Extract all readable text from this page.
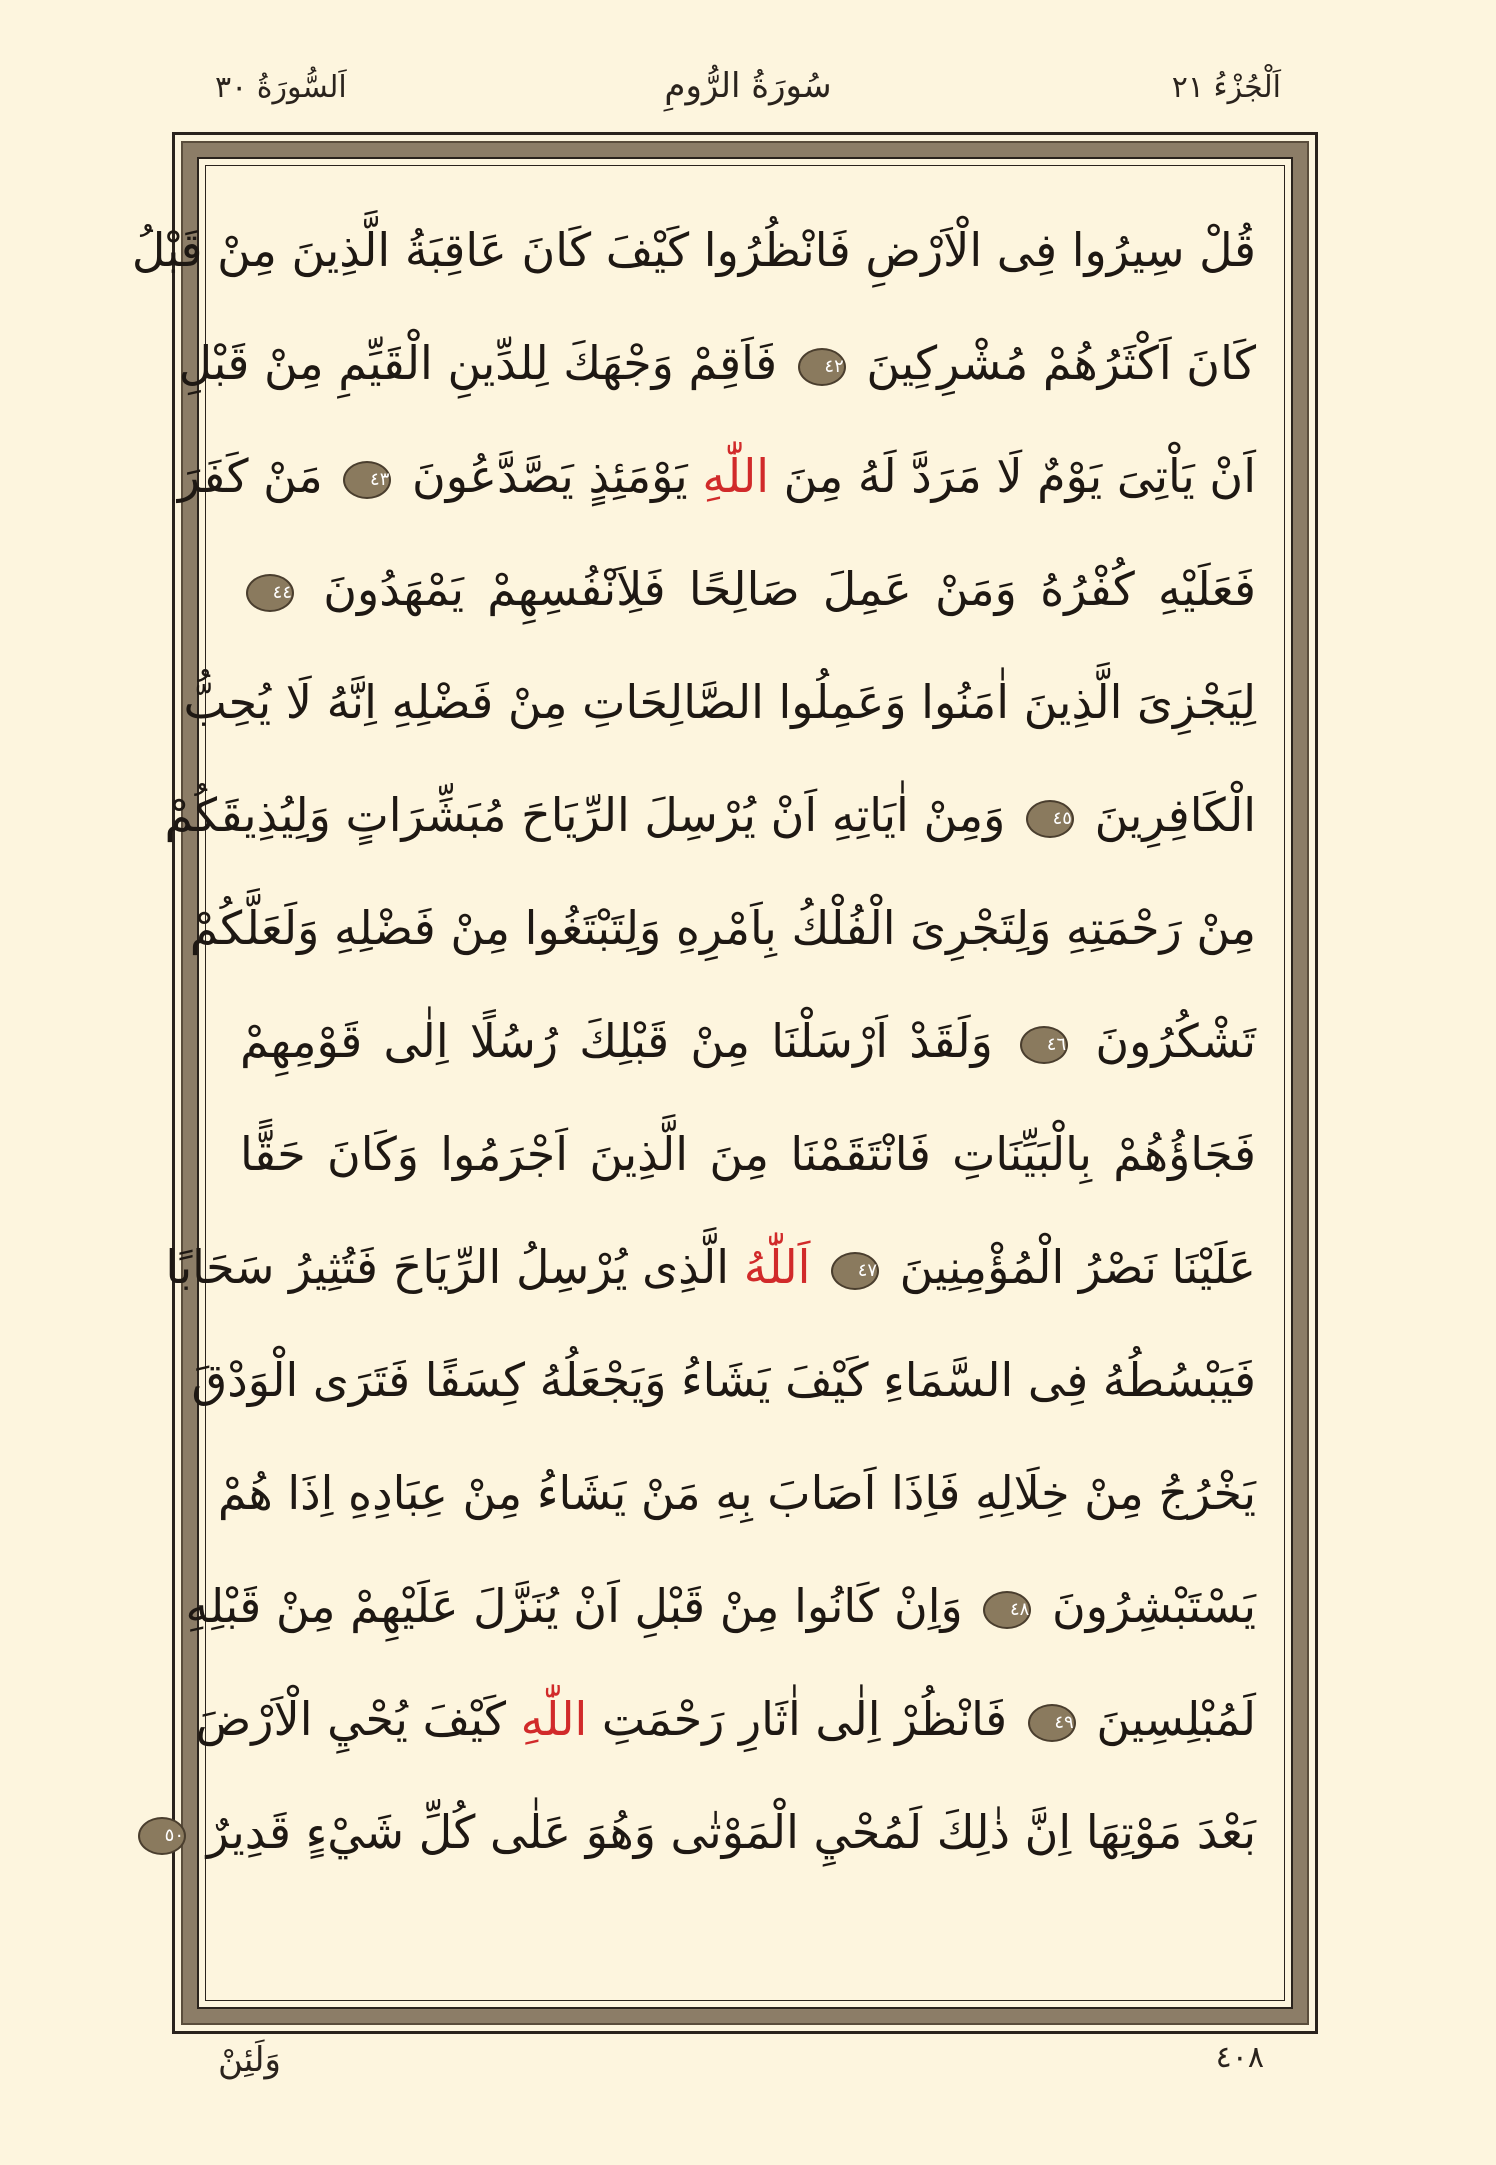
اَلْجُزْءُ ٢١
سُورَةُ الرُّومِ
اَلسُّورَةُ ٣٠
قُلْ سِيرُوا فِى الْاَرْضِ فَانْظُرُوا كَيْفَ كَانَ عَاقِبَةُ الَّذِينَ مِنْ قَبْلُ
كَانَ اَكْثَرُهُمْ مُشْرِكِينَ ٤٢ فَاَقِمْ وَجْهَكَ لِلدِّينِ الْقَيِّمِ مِنْ قَبْلِ
اَنْ يَاْتِىَ يَوْمٌ لَا مَرَدَّ لَهُ مِنَ اللّٰهِ يَوْمَئِذٍ يَصَّدَّعُونَ ٤٣ مَنْ كَفَرَ
فَعَلَيْهِ كُفْرُهُ وَمَنْ عَمِلَ صَالِحًا فَلِاَنْفُسِهِمْ يَمْهَدُونَ ٤٤
لِيَجْزِىَ الَّذِينَ اٰمَنُوا وَعَمِلُوا الصَّالِحَاتِ مِنْ فَضْلِهِ اِنَّهُ لَا يُحِبُّ
الْكَافِرِينَ ٤٥ وَمِنْ اٰيَاتِهِ اَنْ يُرْسِلَ الرِّيَاحَ مُبَشِّرَاتٍ وَلِيُذِيقَكُمْ
مِنْ رَحْمَتِهِ وَلِتَجْرِىَ الْفُلْكُ بِاَمْرِهِ وَلِتَبْتَغُوا مِنْ فَضْلِهِ وَلَعَلَّكُمْ
تَشْكُرُونَ ٤٦ وَلَقَدْ اَرْسَلْنَا مِنْ قَبْلِكَ رُسُلًا اِلٰى قَوْمِهِمْ
فَجَاؤُهُمْ بِالْبَيِّنَاتِ فَانْتَقَمْنَا مِنَ الَّذِينَ اَجْرَمُوا وَكَانَ حَقًّا
عَلَيْنَا نَصْرُ الْمُؤْمِنِينَ ٤٧ اَللّٰهُ الَّذِى يُرْسِلُ الرِّيَاحَ فَتُثِيرُ سَحَابًا
فَيَبْسُطُهُ فِى السَّمَاءِ كَيْفَ يَشَاءُ وَيَجْعَلُهُ كِسَفًا فَتَرَى الْوَدْقَ
يَخْرُجُ مِنْ خِلَالِهِ فَاِذَا اَصَابَ بِهِ مَنْ يَشَاءُ مِنْ عِبَادِهِ اِذَا هُمْ
يَسْتَبْشِرُونَ ٤٨ وَاِنْ كَانُوا مِنْ قَبْلِ اَنْ يُنَزَّلَ عَلَيْهِمْ مِنْ قَبْلِهِ
لَمُبْلِسِينَ ٤٩ فَانْظُرْ اِلٰى اٰثَارِ رَحْمَتِ اللّٰهِ كَيْفَ يُحْيِ الْاَرْضَ
بَعْدَ مَوْتِهَا اِنَّ ذٰلِكَ لَمُحْيِ الْمَوْتٰى وَهُوَ عَلٰى كُلِّ شَيْءٍ قَدِيرٌ ٥٠
وَلَئِنْ	٤٠٨
